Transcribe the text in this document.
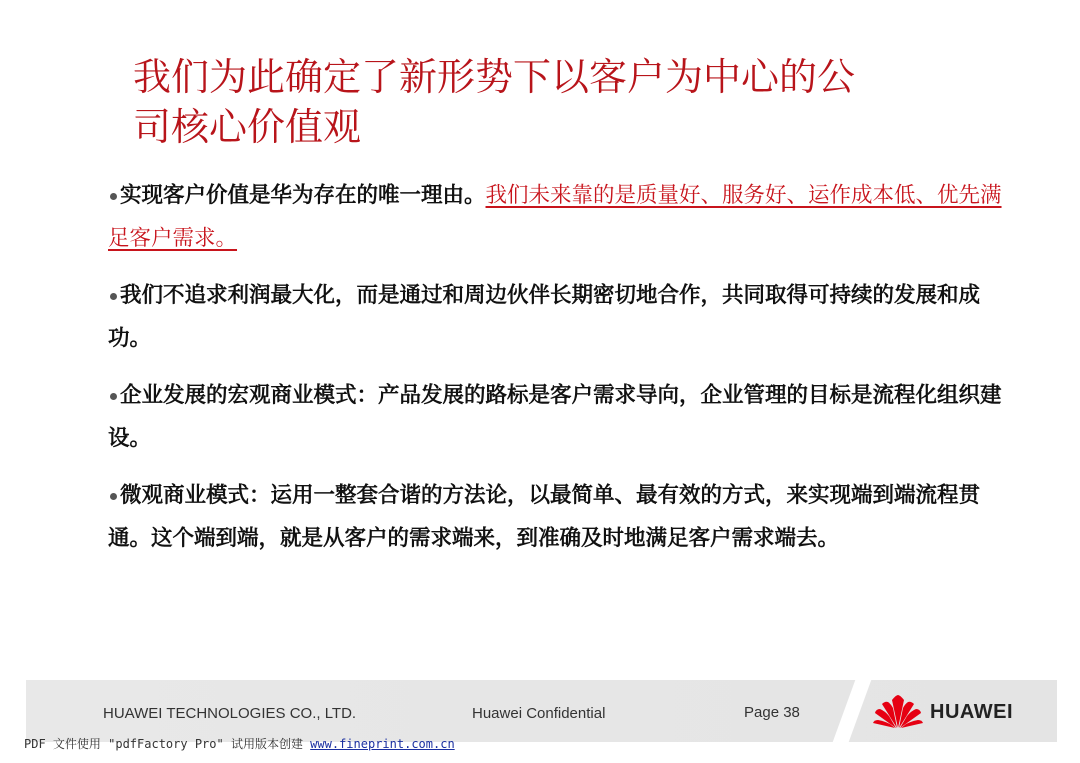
我们为此确定了新形势下以客户为中心的公
司核心价值观

实现客户价值是华为存在的唯一理由。我们未来靠的是质量好、服务好、运作成本低、优先满足客户需求。

我们不追求利润最大化，而是通过和周边伙伴长期密切地合作，共同取得可持续的发展和成功。

企业发展的宏观商业模式：产品发展的路标是客户需求导向，企业管理的目标是流程化组织建设。

微观商业模式：运用一整套合谐的方法论，以最简单、最有效的方式，来实现端到端流程贯通。这个端到端，就是从客户的需求端来，到准确及时地满足客户需求端去。

HUAWEI TECHNOLOGIES CO., LTD.	Huawei Confidential	Page 38	HUAWEI
PDF 文件使用 "pdfFactory Pro" 试用版本创建 www.fineprint.com.cn
